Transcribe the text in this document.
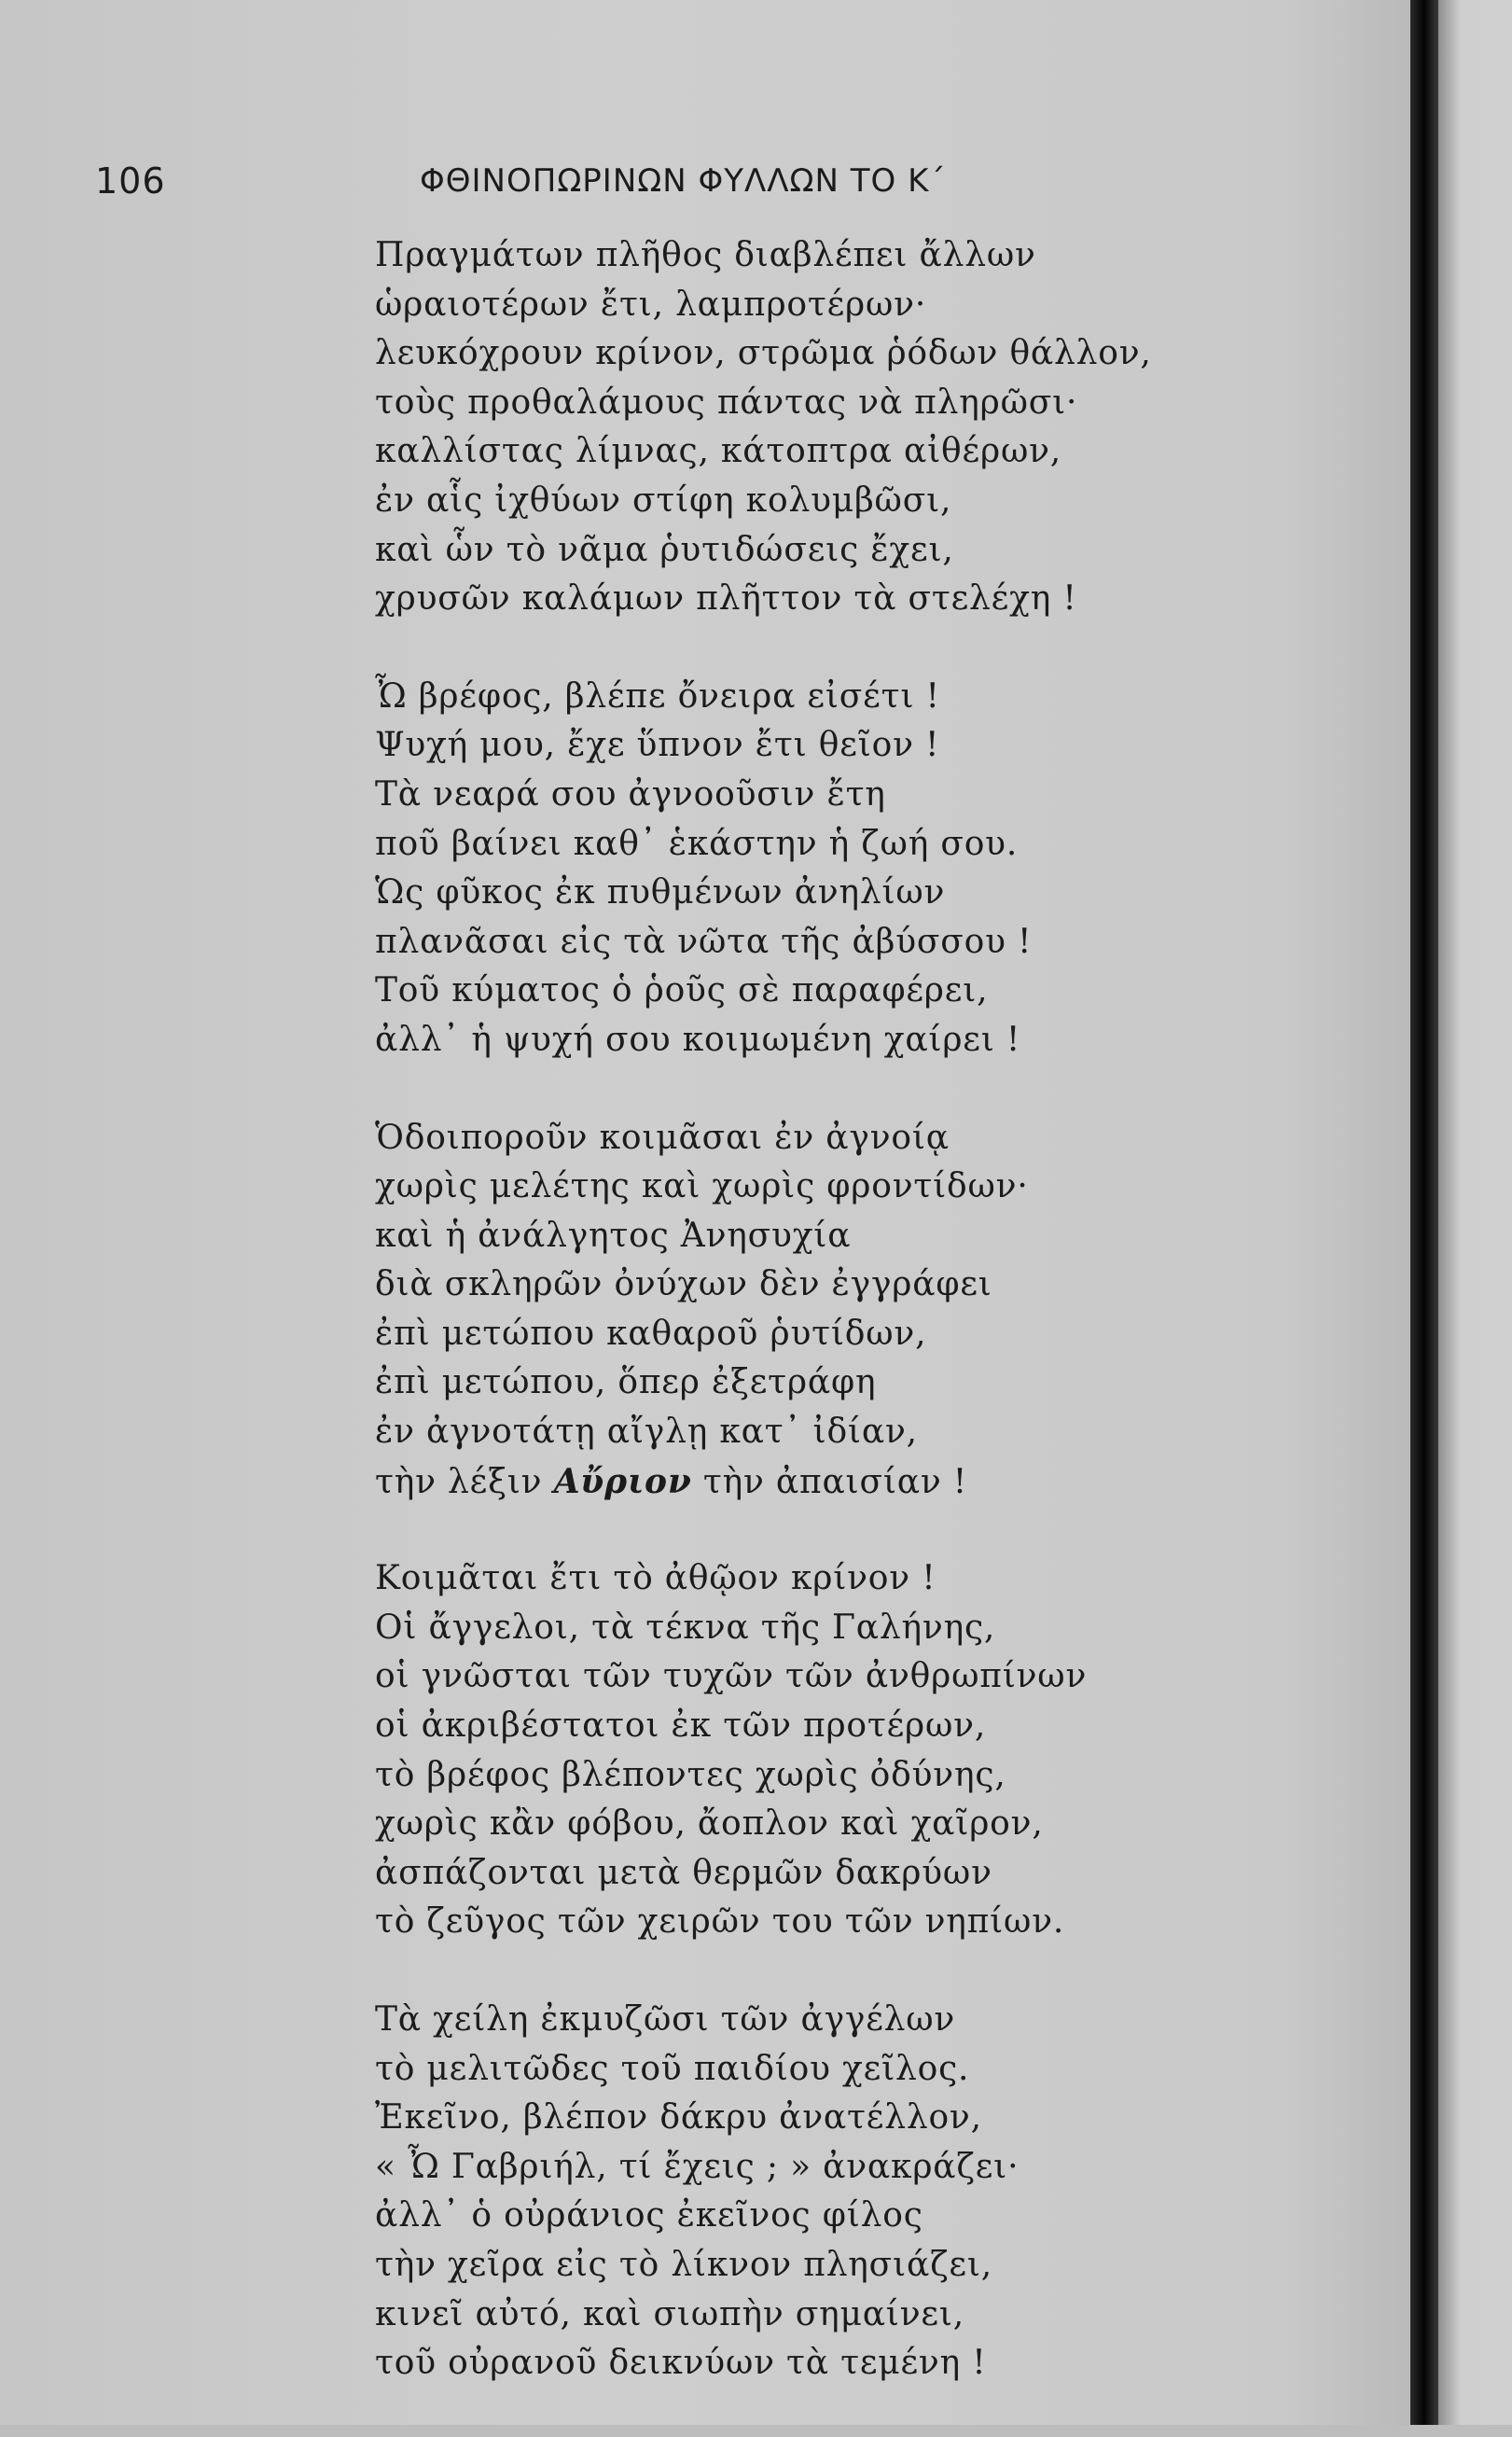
106	ΦΘΙΝΟΠΩΡΙΝΩΝ ΦΥΛΛΩΝ ΤΟ Κ΄
Πραγμάτων πλῆθος διαβλέπει ἄλλων
ὡραιοτέρων ἔτι, λαμπροτέρων·
λευκόχρουν κρίνον, στρῶμα ῥόδων θάλλον,
τοὺς προθαλάμους πάντας νὰ πληρῶσι·
καλλίστας λίμνας, κάτοπτρα αἰθέρων,
ἐν αἷς ἰχθύων στίφη κολυμβῶσι,
καὶ ὧν τὸ νᾶμα ῥυτιδώσεις ἔχει,
χρυσῶν καλάμων πλῆττον τὰ στελέχη !
Ὦ βρέφος, βλέπε ὄνειρα εἰσέτι !
Ψυχή μου, ἔχε ὕπνον ἔτι θεῖον !
Τὰ νεαρά σου ἀγνοοῦσιν ἔτη
ποῦ βαίνει καθ᾿ ἑκάστην ἡ ζωή σου.
Ὡς φῦκος ἐκ πυθμένων ἀνηλίων
πλανᾶσαι εἰς τὰ νῶτα τῆς ἀβύσσου !
Τοῦ κύματος ὁ ῥοῦς σὲ παραφέρει,
ἀλλ᾿ ἡ ψυχή σου κοιμωμένη χαίρει !
Ὁδοιποροῦν κοιμᾶσαι ἐν ἀγνοίᾳ
χωρὶς μελέτης καὶ χωρὶς φροντίδων·
καὶ ἡ ἀνάλγητος Ἀνησυχία
διὰ σκληρῶν ὀνύχων δὲν ἐγγράφει
ἐπὶ μετώπου καθαροῦ ῥυτίδων,
ἐπὶ μετώπου, ὅπερ ἐξετράφη
ἐν ἀγνοτάτῃ αἴγλῃ κατ᾿ ἰδίαν,
τὴν λέξιν Αὔριον τὴν ἀπαισίαν !
Κοιμᾶται ἔτι τὸ ἀθῷον κρίνον !
Οἱ ἄγγελοι, τὰ τέκνα τῆς Γαλήνης,
οἱ γνῶσται τῶν τυχῶν τῶν ἀνθρωπίνων
οἱ ἀκριβέστατοι ἐκ τῶν προτέρων,
τὸ βρέφος βλέποντες χωρὶς ὀδύνης,
χωρὶς κἂν φόβου, ἄοπλον καὶ χαῖρον,
ἀσπάζονται μετὰ θερμῶν δακρύων
τὸ ζεῦγος τῶν χειρῶν του τῶν νηπίων.
Τὰ χείλη ἐκμυζῶσι τῶν ἀγγέλων
τὸ μελιτῶδες τοῦ παιδίου χεῖλος.
Ἐκεῖνο, βλέπον δάκρυ ἀνατέλλον,
« Ὦ Γαβριήλ, τί ἔχεις ; » ἀνακράζει·
ἀλλ᾿ ὁ οὐράνιος ἐκεῖνος φίλος
τὴν χεῖρα εἰς τὸ λίκνον πλησιάζει,
κινεῖ αὐτό, καὶ σιωπὴν σημαίνει,
τοῦ οὐρανοῦ δεικνύων τὰ τεμένη !
